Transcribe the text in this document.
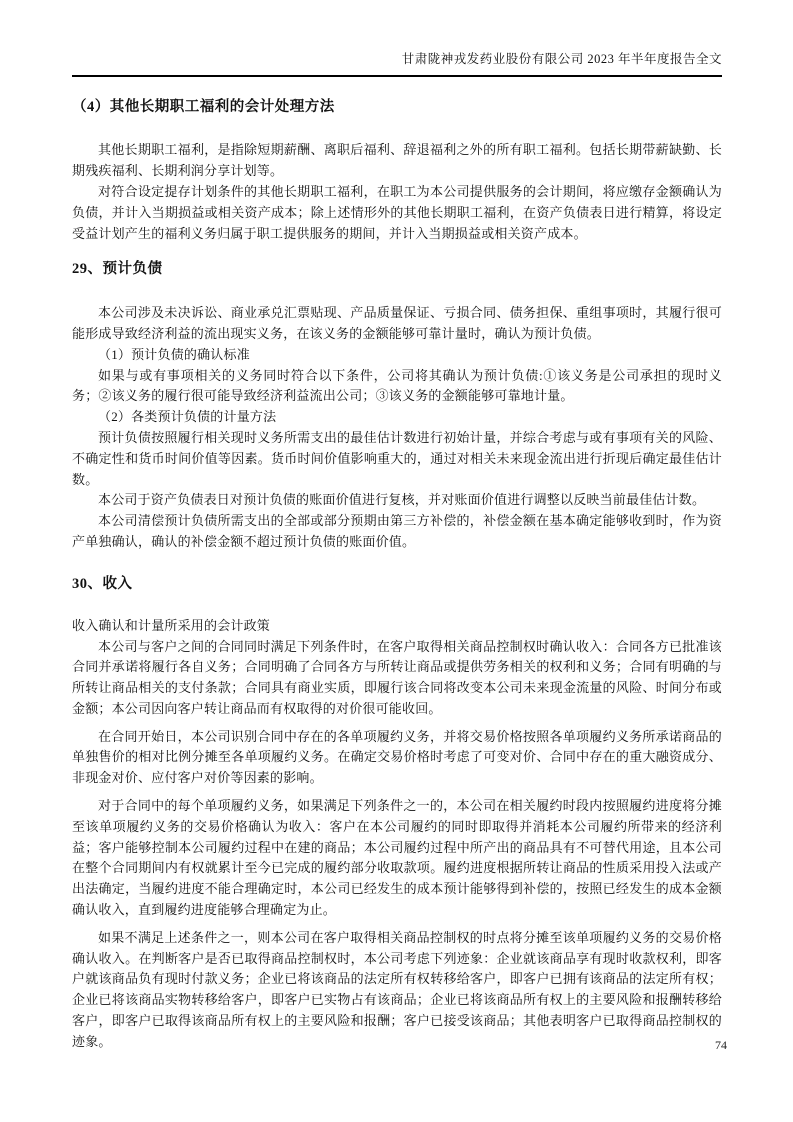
甘肃陇神戎发药业股份有限公司 2023 年半年度报告全文
（4）其他长期职工福利的会计处理方法

其他长期职工福利，是指除短期薪酬、离职后福利、辞退福利之外的所有职工福利。包括长期带薪缺勤、长期残疾福利、长期利润分享计划等。

对符合设定提存计划条件的其他长期职工福利，在职工为本公司提供服务的会计期间，将应缴存金额确认为负债，并计入当期损益或相关资产成本；除上述情形外的其他长期职工福利，在资产负债表日进行精算，将设定受益计划产生的福利义务归属于职工提供服务的期间，并计入当期损益或相关资产成本。

29、预计负债

本公司涉及未决诉讼、商业承兑汇票贴现、产品质量保证、亏损合同、债务担保、重组事项时，其履行很可能形成导致经济利益的流出现实义务，在该义务的金额能够可靠计量时，确认为预计负债。

（1）预计负债的确认标准

如果与或有事项相关的义务同时符合以下条件，公司将其确认为预计负债:①该义务是公司承担的现时义务；②该义务的履行很可能导致经济利益流出公司；③该义务的金额能够可靠地计量。

（2）各类预计负债的计量方法

预计负债按照履行相关现时义务所需支出的最佳估计数进行初始计量，并综合考虑与或有事项有关的风险、不确定性和货币时间价值等因素。货币时间价值影响重大的，通过对相关未来现金流出进行折现后确定最佳估计数。

本公司于资产负债表日对预计负债的账面价值进行复核，并对账面价值进行调整以反映当前最佳估计数。

本公司清偿预计负债所需支出的全部或部分预期由第三方补偿的，补偿金额在基本确定能够收到时，作为资产单独确认，确认的补偿金额不超过预计负债的账面价值。

30、收入

收入确认和计量所采用的会计政策

本公司与客户之间的合同同时满足下列条件时，在客户取得相关商品控制权时确认收入：合同各方已批准该合同并承诺将履行各自义务；合同明确了合同各方与所转让商品或提供劳务相关的权利和义务；合同有明确的与所转让商品相关的支付条款；合同具有商业实质，即履行该合同将改变本公司未来现金流量的风险、时间分布或金额；本公司因向客户转让商品而有权取得的对价很可能收回。

在合同开始日，本公司识别合同中存在的各单项履约义务，并将交易价格按照各单项履约义务所承诺商品的单独售价的相对比例分摊至各单项履约义务。在确定交易价格时考虑了可变对价、合同中存在的重大融资成分、非现金对价、应付客户对价等因素的影响。

对于合同中的每个单项履约义务，如果满足下列条件之一的，本公司在相关履约时段内按照履约进度将分摊至该单项履约义务的交易价格确认为收入：客户在本公司履约的同时即取得并消耗本公司履约所带来的经济利益；客户能够控制本公司履约过程中在建的商品；本公司履约过程中所产出的商品具有不可替代用途，且本公司在整个合同期间内有权就累计至今已完成的履约部分收取款项。履约进度根据所转让商品的性质采用投入法或产出法确定，当履约进度不能合理确定时，本公司已经发生的成本预计能够得到补偿的，按照已经发生的成本金额确认收入，直到履约进度能够合理确定为止。

如果不满足上述条件之一，则本公司在客户取得相关商品控制权的时点将分摊至该单项履约义务的交易价格确认收入。在判断客户是否已取得商品控制权时，本公司考虑下列迹象：企业就该商品享有现时收款权利，即客户就该商品负有现时付款义务；企业已将该商品的法定所有权转移给客户，即客户已拥有该商品的法定所有权；企业已将该商品实物转移给客户，即客户已实物占有该商品；企业已将该商品所有权上的主要风险和报酬转移给客户，即客户已取得该商品所有权上的主要风险和报酬；客户已接受该商品；其他表明客户已取得商品控制权的迹象。	74
